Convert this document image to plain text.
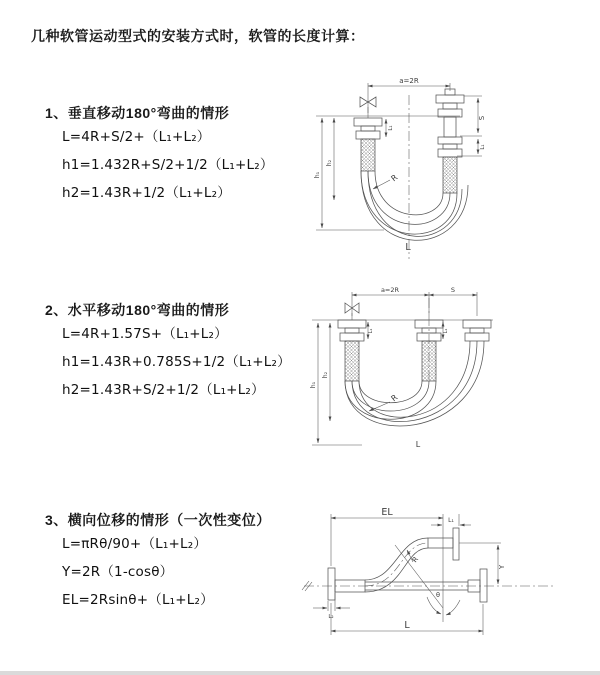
几种软管运动型式的安装方式时，软管的长度计算：
1、垂直移动180°弯曲的情形
L=4R+S/2+（L₁+L₂）
h1=1.432R+S/2+1/2（L₁+L₂）
h2=1.43R+1/2（L₁+L₂）
2、水平移动180°弯曲的情形
L=4R+1.57S+（L₁+L₂）
h1=1.43R+0.785S+1/2（L₁+L₂）
h2=1.43R+S/2+1/2（L₁+L₂）
3、横向位移的情形（一次性变位）
L=πRθ/90+（L₁+L₂）
Y=2R（1-cosθ）
EL=2Rsinθ+（L₁+L₂）
a=2R
S
L₁
L₁
h₁
h₂
R
L
a=2R	S
L₁	L₁
h₁
h₂
R
L
EL
L₁
Y
R
θ
L
L₂
